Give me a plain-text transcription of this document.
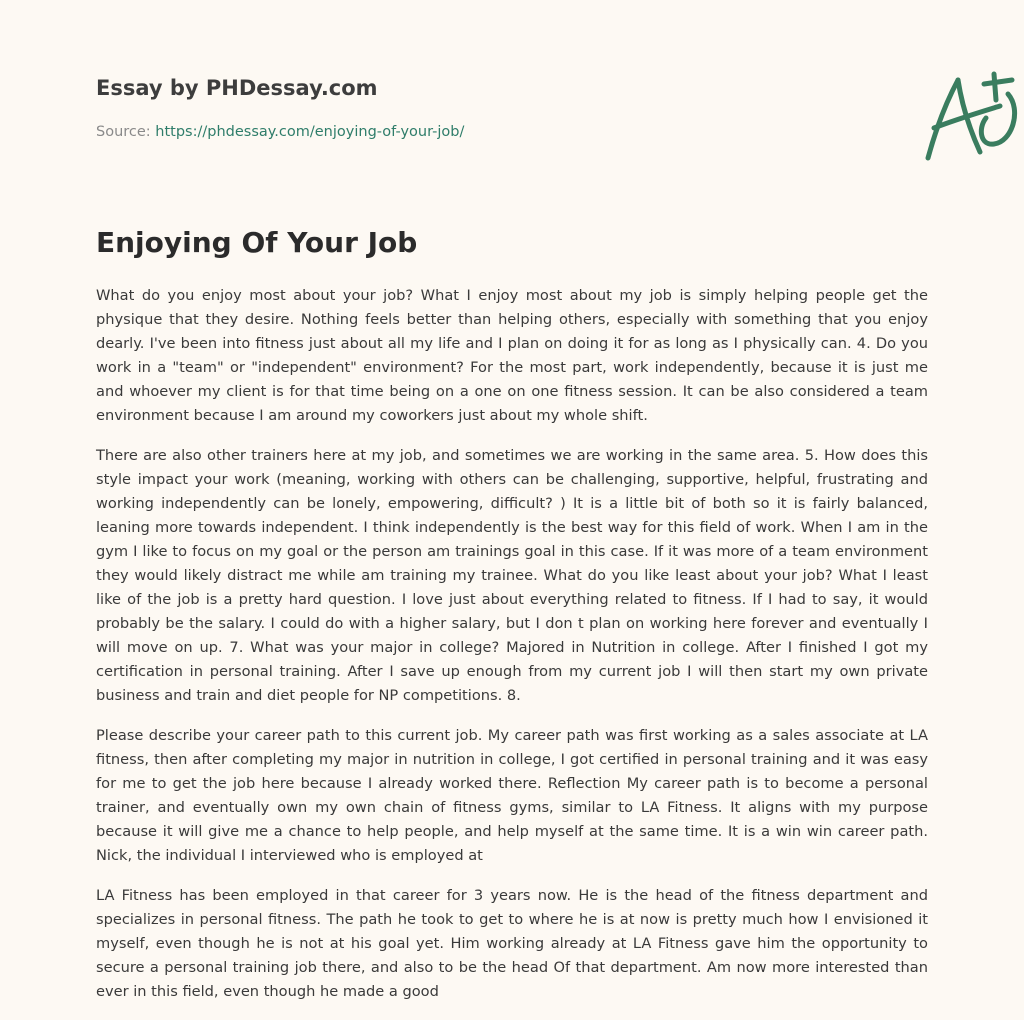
Essay by PHDessay.com
Source: https://phdessay.com/enjoying-of-your-job/
Enjoying Of Your Job

What do you enjoy most about your job? What I enjoy most about my job is simply helping people get the physique that they desire. Nothing feels better than helping others, especially with something that you enjoy dearly. I've been into fitness just about all my life and I plan on doing it for as long as I physically can. 4. Do you work in a "team" or "independent" environment? For the most part, work independently, because it is just me and whoever my client is for that time being on a one on one fitness session. It can be also considered a team environment because I am around my coworkers just about my whole shift.

There are also other trainers here at my job, and sometimes we are working in the same area. 5. How does this style impact your work (meaning, working with others can be challenging, supportive, helpful, frustrating and working independently can be lonely, empowering, difficult? ) It is a little bit of both so it is fairly balanced, leaning more towards independent. I think independently is the best way for this field of work. When I am in the gym I like to focus on my goal or the person am trainings goal in this case. If it was more of a team environment they would likely distract me while am training my trainee. What do you like least about your job? What I least like of the job is a pretty hard question. I love just about everything related to fitness. If I had to say, it would probably be the salary. I could do with a higher salary, but I don t plan on working here forever and eventually I will move on up. 7. What was your major in college? Majored in Nutrition in college. After I finished I got my certification in personal training. After I save up enough from my current job I will then start my own private business and train and diet people for NP competitions. 8.

Please describe your career path to this current job. My career path was first working as a sales associate at LA fitness, then after completing my major in nutrition in college, I got certified in personal training and it was easy for me to get the job here because I already worked there. Reflection My career path is to become a personal trainer, and eventually own my own chain of fitness gyms, similar to LA Fitness. It aligns with my purpose because it will give me a chance to help people, and help myself at the same time. It is a win win career path. Nick, the individual I interviewed who is employed at

LA Fitness has been employed in that career for 3 years now. He is the head of the fitness department and specializes in personal fitness. The path he took to get to where he is at now is pretty much how I envisioned it myself, even though he is not at his goal yet. Him working already at LA Fitness gave him the opportunity to secure a personal training job there, and also to be the head Of that department. Am now more interested than ever in this field, even though he made a good
